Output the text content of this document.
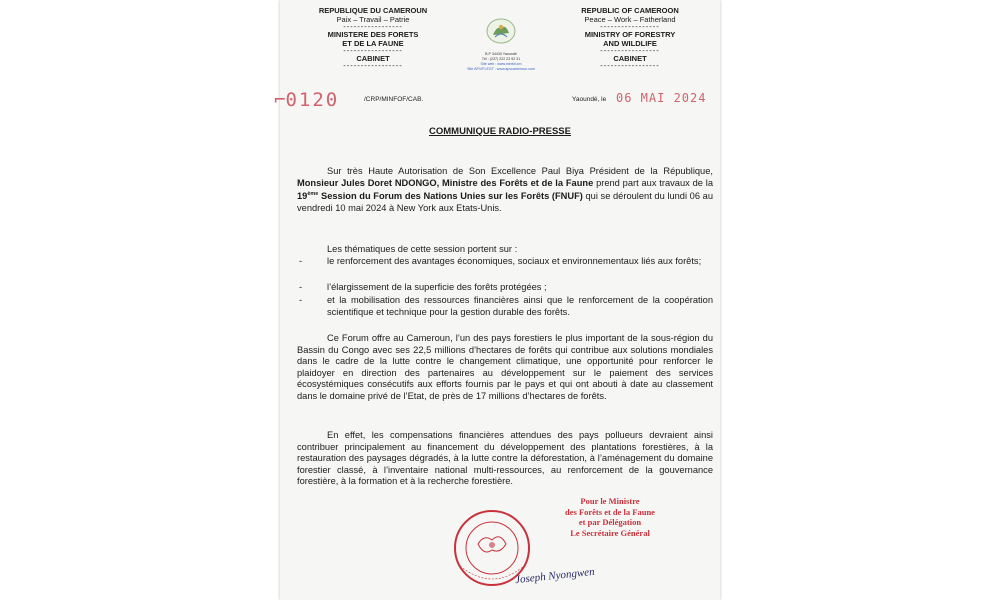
REPUBLIQUE DU CAMEROUN
Paix – Travail – Patrie
-----------------
MINISTERE DES FORETS
ET DE LA FAUNE
-----------------
CABINET
-----------------
REPUBLIC OF CAMEROON
Peace – Work – Fatherland
-----------------
MINISTRY OF FORESTRY
AND WILDLIFE
-----------------
CABINET
-----------------
B.P 34430 Yaoundé
Tél : (237) 222 23 92 31
Site web : www.minfof.cm
Site APV/FLEGT : www.apvcameroun.com
⌐0120	/CRP/MINFOF/CAB.	Yaoundé, le 06 MAI 2024
COMMUNIQUE RADIO-PRESSE

Sur très Haute Autorisation de Son Excellence Paul Biya Président de la République, Monsieur Jules Doret NDONGO, Ministre des Forêts et de la Faune prend part aux travaux de la 19ème Session du Forum des Nations Unies sur les Forêts (FNUF) qui se déroulent du lundi 06 au vendredi 10 mai 2024 à New York aux Etats-Unis.

Les thématiques de cette session portent sur :

-	le renforcement des avantages économiques, sociaux et environnementaux liés aux forêts;

-	l’élargissement de la superficie des forêts protégées ;

-	et la mobilisation des ressources financières ainsi que le renforcement de la coopération scientifique et technique pour la gestion durable des forêts.

Ce Forum offre au Cameroun, l’un des pays forestiers le plus important de la sous-région du Bassin du Congo avec ses 22,5 millions d’hectares de forêts qui contribue aux solutions mondiales dans le cadre de la lutte contre le changement climatique, une opportunité pour renforcer le plaidoyer en direction des partenaires au développement sur le paiement des services écosystémiques consécutifs aux efforts fournis par le pays et qui ont abouti à date au classement dans le domaine privé de l’Etat, de près de 17 millions d’hectares de forêts.

En effet, les compensations financières attendues des pays pollueurs devraient ainsi contribuer principalement au financement du développement des plantations forestières, à la restauration des paysages dégradés, à la lutte contre la déforestation, à l’aménagement du domaine forestier classé, à l’inventaire national multi-ressources, au renforcement de la gouvernance forestière, à la formation et à la recherche forestière.

Pour le Ministre
des Forêts et de la Faune
et par Délégation
Le Secrétaire Général
Joseph Nyongwen
